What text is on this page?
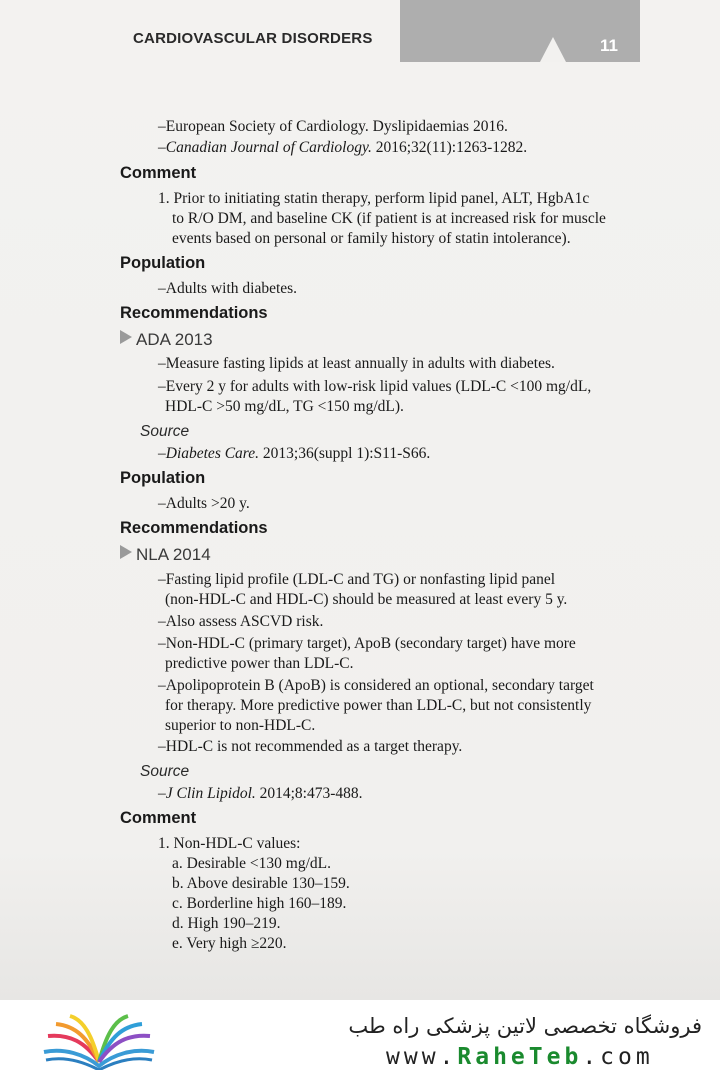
CARDIOVASCULAR DISORDERS	11
–European Society of Cardiology. Dyslipidaemias 2016.
–Canadian Journal of Cardiology. 2016;32(11):1263-1282.
Comment
1. Prior to initiating statin therapy, perform lipid panel, ALT, HgbA1c
to R/O DM, and baseline CK (if patient is at increased risk for muscle
events based on personal or family history of statin intolerance).
Population
–Adults with diabetes.
Recommendations
ADA 2013
–Measure fasting lipids at least annually in adults with diabetes.
–Every 2 y for adults with low-risk lipid values (LDL-C <100 mg/dL,
HDL-C >50 mg/dL, TG <150 mg/dL).
Source
–Diabetes Care. 2013;36(suppl 1):S11-S66.
Population
–Adults >20 y.
Recommendations
NLA 2014
–Fasting lipid profile (LDL-C and TG) or nonfasting lipid panel
(non-HDL-C and HDL-C) should be measured at least every 5 y.
–Also assess ASCVD risk.
–Non-HDL-C (primary target), ApoB (secondary target) have more
predictive power than LDL-C.
–Apolipoprotein B (ApoB) is considered an optional, secondary target
for therapy. More predictive power than LDL-C, but not consistently
superior to non-HDL-C.
–HDL-C is not recommended as a target therapy.
Source
–J Clin Lipidol. 2014;8:473-488.
Comment
1. Non-HDL-C values:
a. Desirable <130 mg/dL.
b. Above desirable 130–159.
c. Borderline high 160–189.
d. High 190–219.
e. Very high ≥220.
فروشگاه تخصصی لاتین پزشکی راه طب
www.RaheTeb.com
